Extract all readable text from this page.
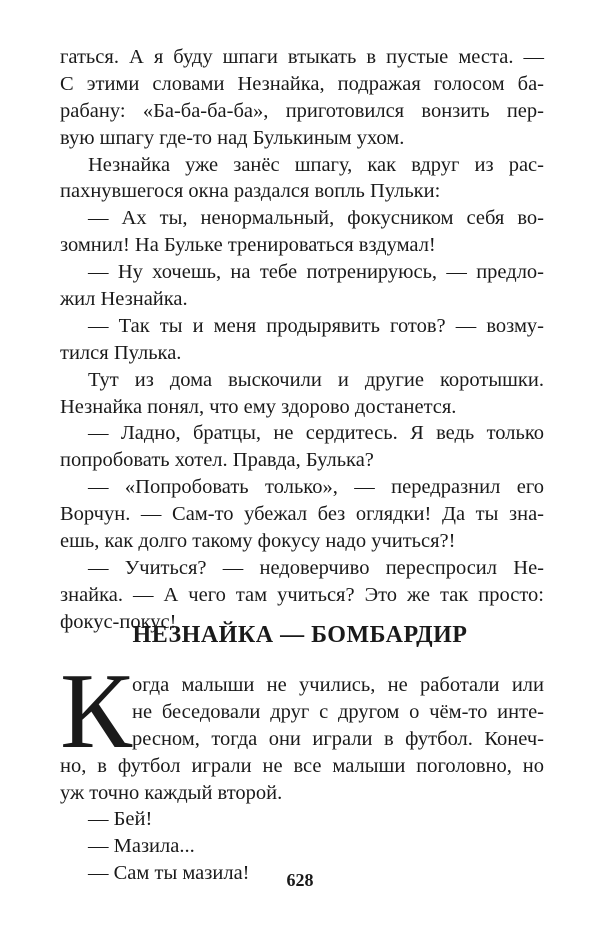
гаться. А я буду шпаги втыкать в пустые места. —
С этими словами Незнайка, подражая голосом ба-
рабану: «Ба-ба-ба-ба», приготовился вонзить пер-
вую шпагу где-то над Булькиным ухом.
Незнайка уже занёс шпагу, как вдруг из рас-
пахнувшегося окна раздался вопль Пульки:
— Ах ты, ненормальный, фокусником себя во-
зомнил! На Бульке тренироваться вздумал!
— Ну хочешь, на тебе потренируюсь, — предло-
жил Незнайка.
— Так ты и меня продырявить готов? — возму-
тился Пулька.
Тут из дома выскочили и другие коротышки.
Незнайка понял, что ему здорово достанется.
— Ладно, братцы, не сердитесь. Я ведь только
попробовать хотел. Правда, Булька?
— «Попробовать только», — передразнил его
Ворчун. — Сам-то убежал без оглядки! Да ты зна-
ешь, как долго такому фокусу надо учиться?!
— Учиться? — недоверчиво переспросил Не-
знайка. — А чего там учиться? Это же так просто:
фокус-покус!
НЕЗНАЙКА — БОМБАРДИР
К огда малыши не учились, не работали или
не беседовали друг с другом о чём-то инте-
ресном, тогда они играли в футбол. Конеч-
но, в футбол играли не все малыши поголовно, но
уж точно каждый второй.
— Бей!
— Мазила...
— Сам ты мазила!	628
